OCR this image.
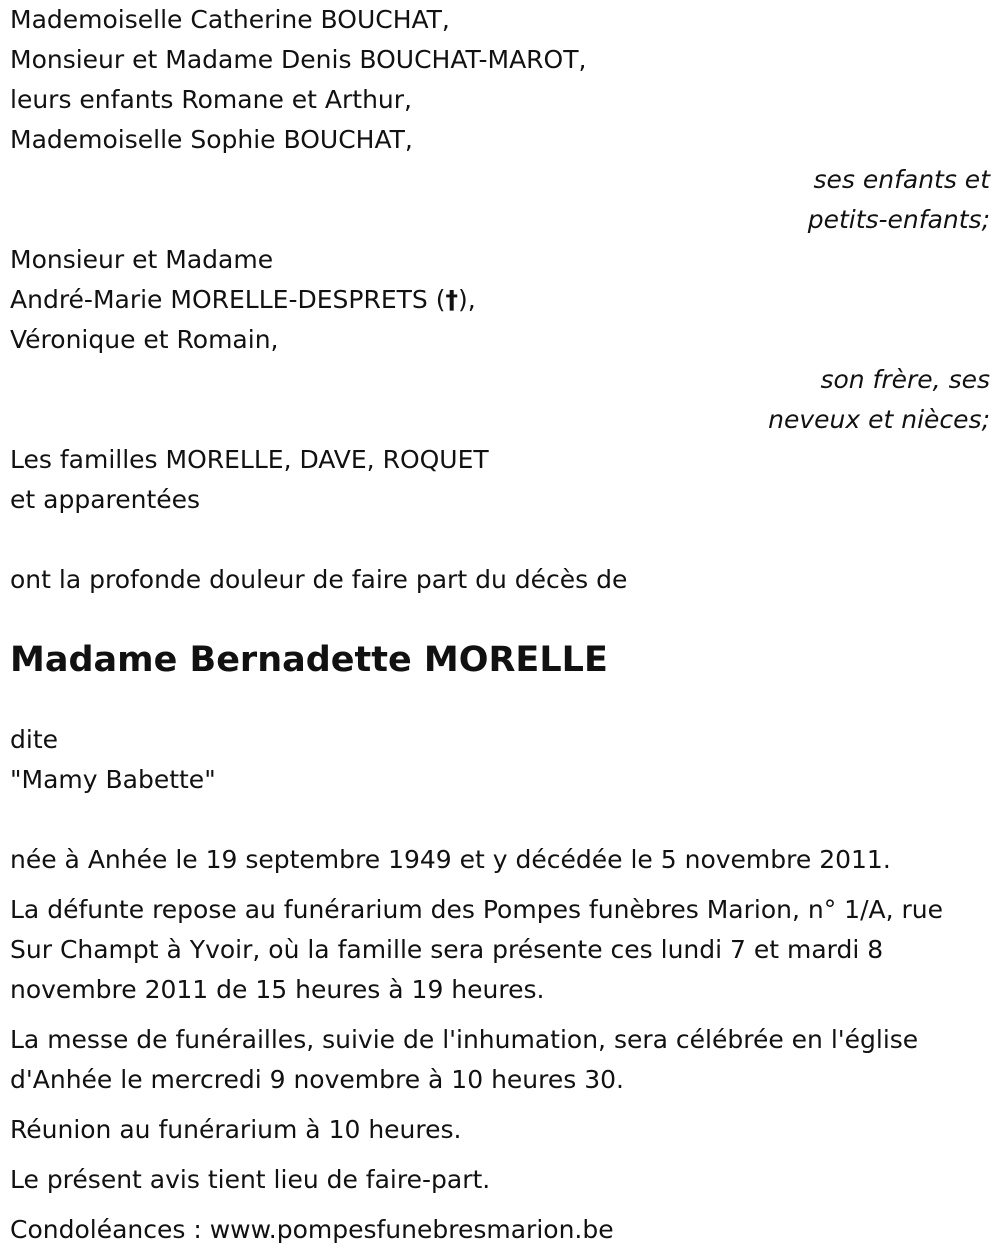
Mademoiselle Catherine BOUCHAT,
Monsieur et Madame Denis BOUCHAT-MAROT,
leurs enfants Romane et Arthur,
Mademoiselle Sophie BOUCHAT,
ses enfants et
petits-enfants;
Monsieur et Madame
André-Marie MORELLE-DESPRETS (†),
Véronique et Romain,
son frère, ses
neveux et nièces;
Les familles MORELLE, DAVE, ROQUET
et apparentées
ont la profonde douleur de faire part du décès de
Madame Bernadette MORELLE
dite
"Mamy Babette"
née à Anhée le 19 septembre 1949 et y décédée le 5 novembre 2011.
La défunte repose au funérarium des Pompes funèbres Marion, n° 1/A, rue Sur Champt à Yvoir, où la famille sera présente ces lundi 7 et mardi 8 novembre 2011 de 15 heures à 19 heures.
La messe de funérailles, suivie de l'inhumation, sera célébrée en l'église d'Anhée le mercredi 9 novembre à 10 heures 30.
Réunion au funérarium à 10 heures.
Le présent avis tient lieu de faire-part.
Condoléances : www.pompesfunebresmarion.be
